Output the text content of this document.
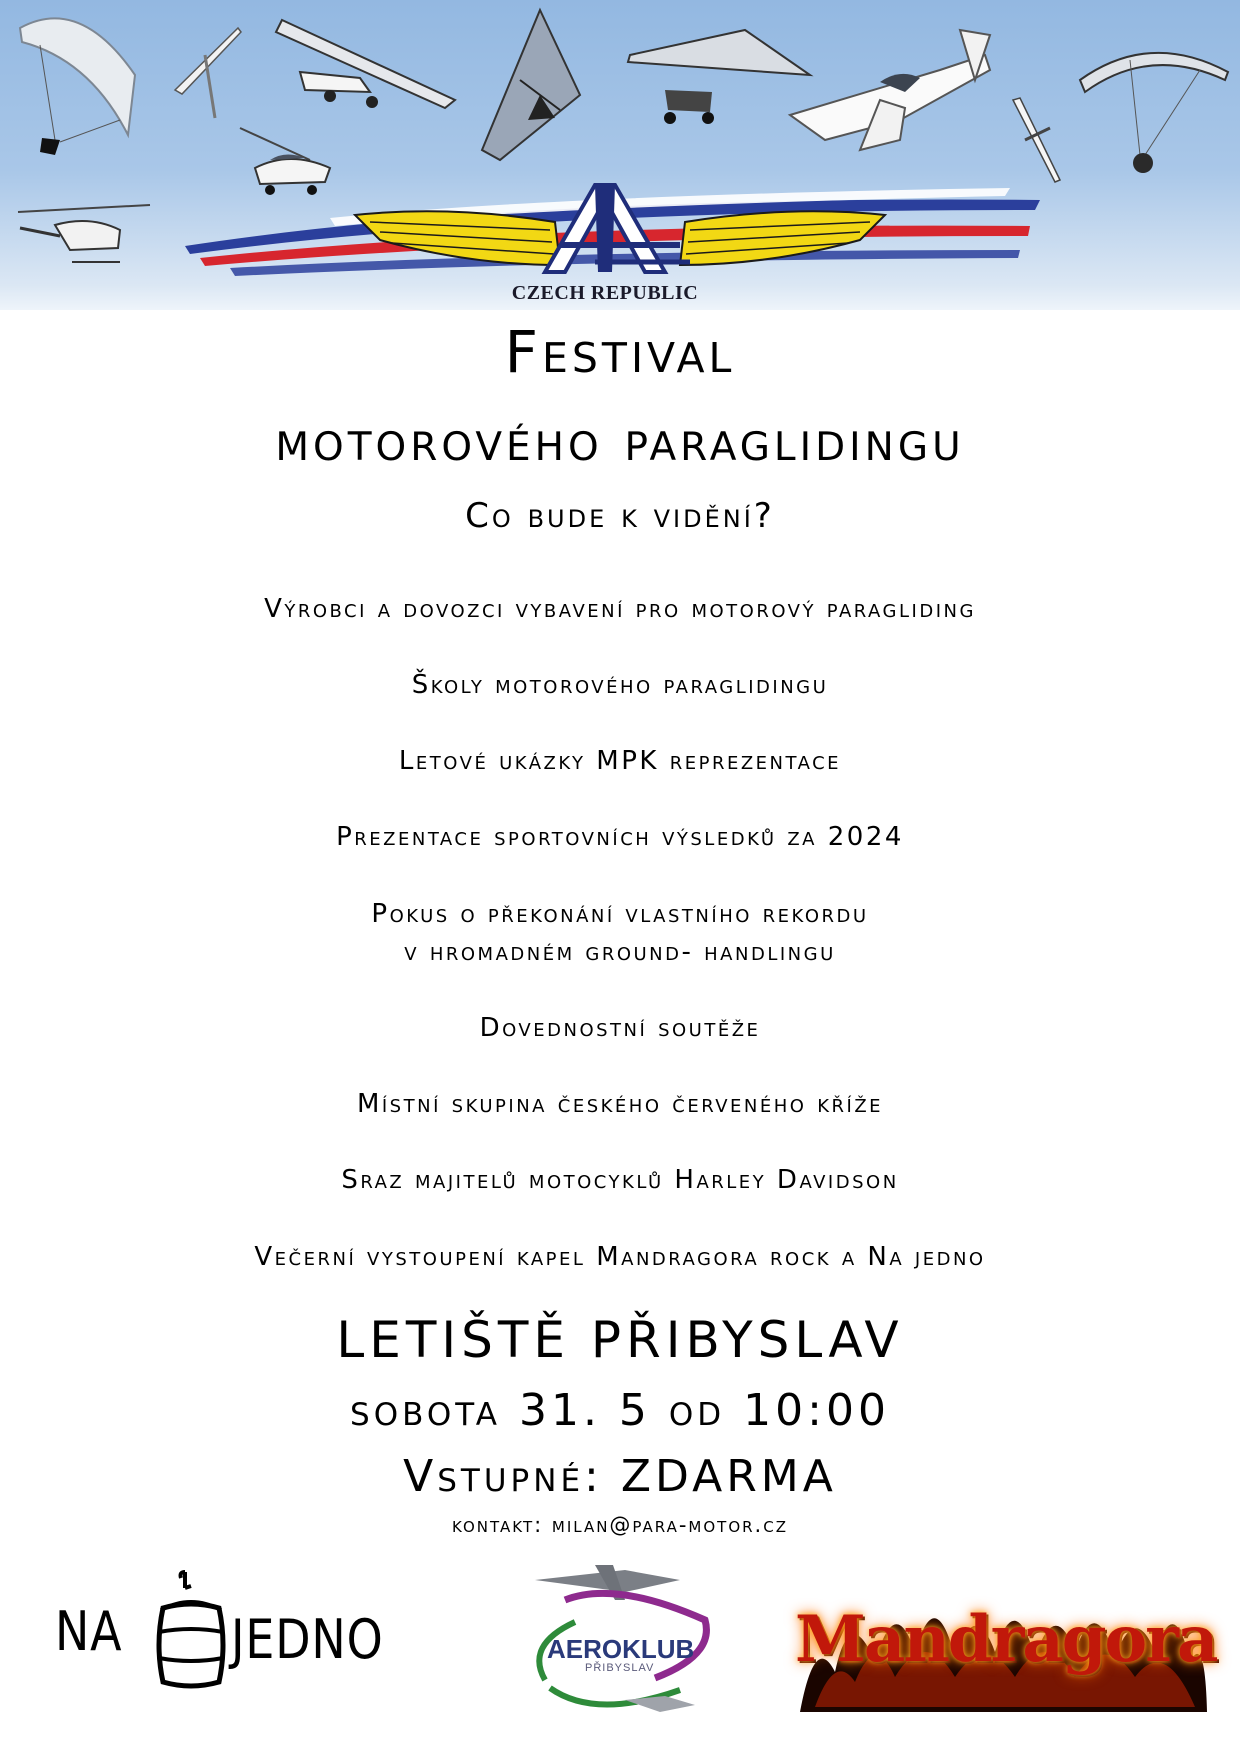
CZECH REPUBLIC
Festival
motorového paraglidingu
Co bude k vidění?
Výrobci a dovozci vybavení pro motorový paragliding
Školy motorového paraglidingu
Letové ukázky MPK reprezentace
Prezentace sportovních výsledků za 2024
Pokus o překonání vlastního rekordu
v hromadném ground- handlingu
Dovednostní soutěže
Místní skupina českého červeného kříže
Sraz majitelů motocyklů Harley Davidson
Večerní vystoupení kapel Mandragora rock a Na jedno
LETIŠTĚ PŘIBYSLAV
sobota 31. 5 od 10:00
Vstupné: ZDARMA
kontakt: milan@para-motor.cz
NA JEDNO	AEROKLUB
PŘIBYSLAV Mandragora
